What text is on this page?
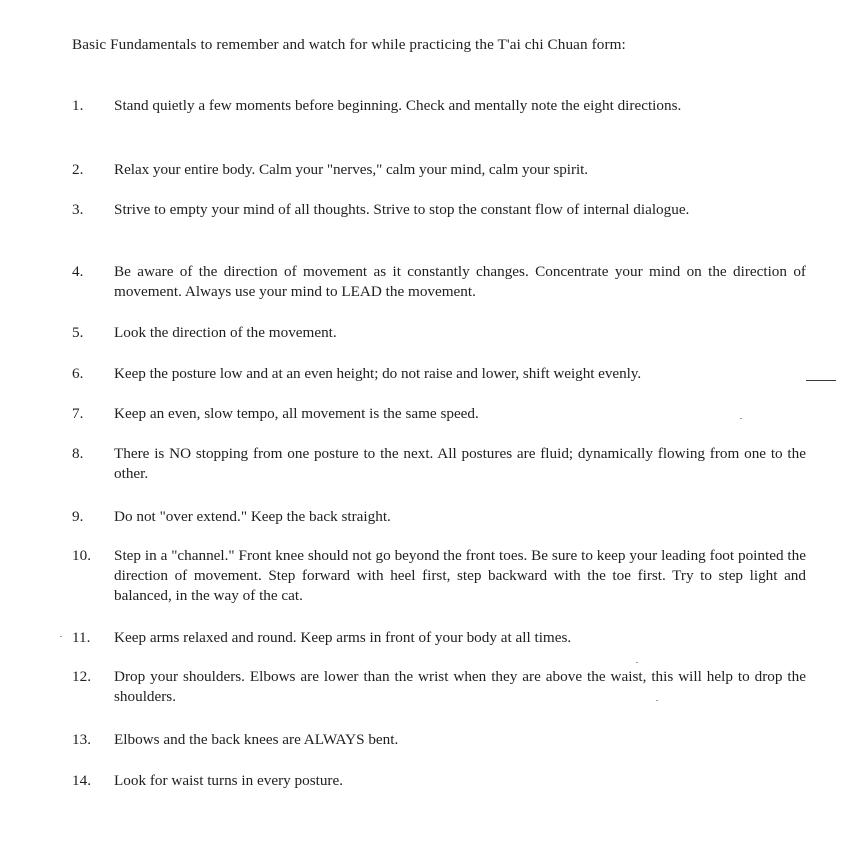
Basic Fundamentals to remember and watch for while practicing the T'ai chi Chuan form:
1.	Stand quietly a few moments before beginning. Check and mentally note the eight directions.
2.	Relax your entire body. Calm your "nerves," calm your mind, calm your spirit.
3.	Strive to empty your mind of all thoughts. Strive to stop the constant flow of internal dialogue.
4.	Be aware of the direction of movement as it constantly changes. Concentrate your mind on the direction of movement. Always use your mind to LEAD the movement.
5.	Look the direction of the movement.
6.	Keep the posture low and at an even height; do not raise and lower, shift weight evenly.
7.	Keep an even, slow tempo, all movement is the same speed.
8.	There is NO stopping from one posture to the next. All postures are fluid; dynamically flowing from one to the other.
9.	Do not "over extend." Keep the back straight.
10.	Step in a "channel." Front knee should not go beyond the front toes. Be sure to keep your leading foot pointed the direction of movement. Step forward with heel first, step backward with the toe first. Try to step light and balanced, in the way of the cat.
11.	Keep arms relaxed and round. Keep arms in front of your body at all times.
12.	Drop your shoulders. Elbows are lower than the wrist when they are above the waist, this will help to drop the shoulders.
13.	Elbows and the back knees are ALWAYS bent.
14.	Look for waist turns in every posture.
